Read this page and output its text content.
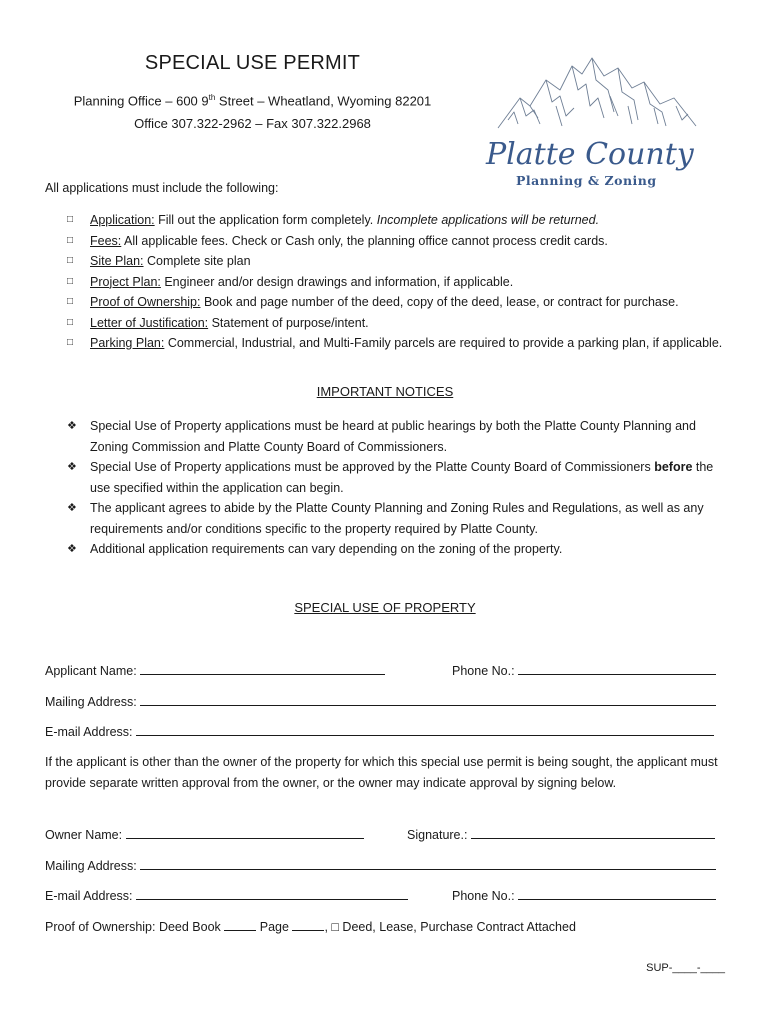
SPECIAL USE PERMIT
Planning Office – 600 9th Street – Wheatland, Wyoming 82201
Office 307.322-2962 – Fax 307.322.2968
Platte County
Planning & Zoning
All applications must include the following:
□	Application: Fill out the application form completely. Incomplete applications will be returned.
□	Fees: All applicable fees. Check or Cash only, the planning office cannot process credit cards.
□	Site Plan: Complete site plan
□	Project Plan: Engineer and/or design drawings and information, if applicable.
□	Proof of Ownership: Book and page number of the deed, copy of the deed, lease, or contract for purchase.
□	Letter of Justification: Statement of purpose/intent.
□	Parking Plan: Commercial, Industrial, and Multi-Family parcels are required to provide a parking plan, if applicable.
IMPORTANT NOTICES
❖	Special Use of Property applications must be heard at public hearings by both the Platte County Planning and Zoning Commission and Platte County Board of Commissioners.
❖	Special Use of Property applications must be approved by the Platte County Board of Commissioners before the use specified within the application can begin.
❖	The applicant agrees to abide by the Platte County Planning and Zoning Rules and Regulations, as well as any requirements and/or conditions specific to the property required by Platte County.
❖	Additional application requirements can vary depending on the zoning of the property.
SPECIAL USE OF PROPERTY
Applicant Name:	Phone No.:
Mailing Address:
E-mail Address:
If the applicant is other than the owner of the property for which this special use permit is being sought, the applicant must provide separate written approval from the owner, or the owner may indicate approval by signing below.
Owner Name:	Signature.:
Mailing Address:
E-mail Address:	Phone No.:
Proof of Ownership: Deed Book	Page	, □ Deed, Lease, Purchase Contract Attached
SUP-____-____
